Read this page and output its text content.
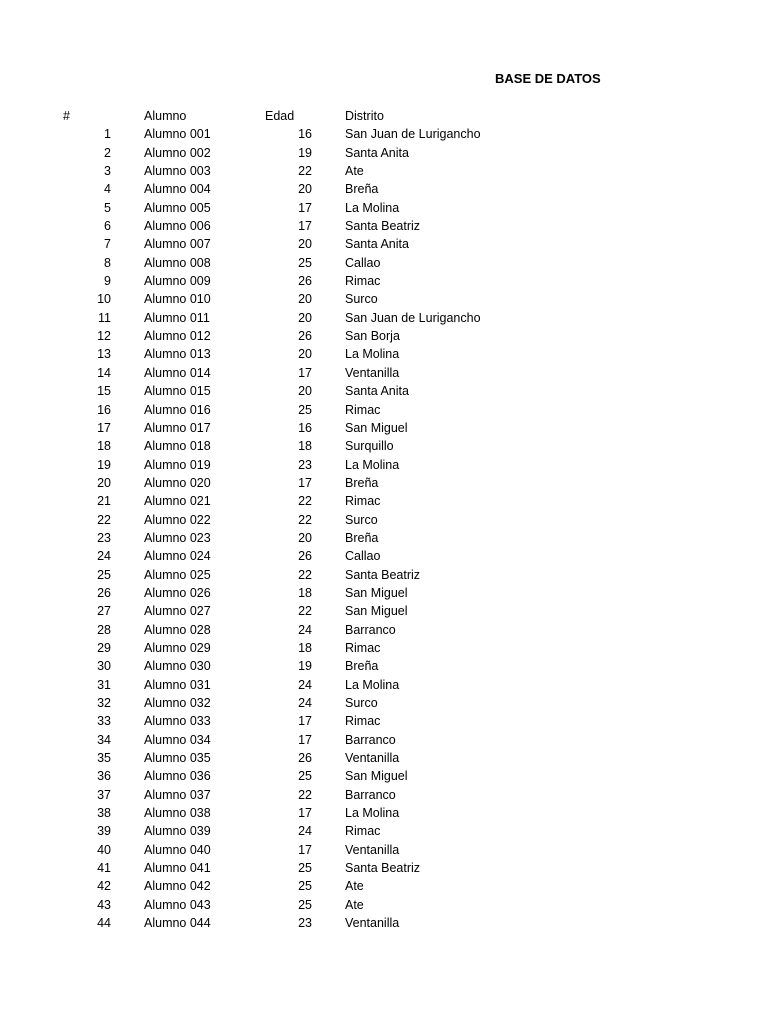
BASE DE DATOS
#		Alumno	Edad		Distrito
1		Alumno 001	16		San Juan de Lurigancho
2		Alumno 002	19		Santa Anita
3		Alumno 003	22		Ate
4		Alumno 004	20		Breña
5		Alumno 005	17		La Molina
6		Alumno 006	17		Santa Beatriz
7		Alumno 007	20		Santa Anita
8		Alumno 008	25		Callao
9		Alumno 009	26		Rimac
10		Alumno 010	20		Surco
11		Alumno 011	20		San Juan de Lurigancho
12		Alumno 012	26		San Borja
13		Alumno 013	20		La Molina
14		Alumno 014	17		Ventanilla
15		Alumno 015	20		Santa Anita
16		Alumno 016	25		Rimac
17		Alumno 017	16		San Miguel
18		Alumno 018	18		Surquillo
19		Alumno 019	23		La Molina
20		Alumno 020	17		Breña
21		Alumno 021	22		Rimac
22		Alumno 022	22		Surco
23		Alumno 023	20		Breña
24		Alumno 024	26		Callao
25		Alumno 025	22		Santa Beatriz
26		Alumno 026	18		San Miguel
27		Alumno 027	22		San Miguel
28		Alumno 028	24		Barranco
29		Alumno 029	18		Rimac
30		Alumno 030	19		Breña
31		Alumno 031	24		La Molina
32		Alumno 032	24		Surco
33		Alumno 033	17		Rimac
34		Alumno 034	17		Barranco
35		Alumno 035	26		Ventanilla
36		Alumno 036	25		San Miguel
37		Alumno 037	22		Barranco
38		Alumno 038	17		La Molina
39		Alumno 039	24		Rimac
40		Alumno 040	17		Ventanilla
41		Alumno 041	25		Santa Beatriz
42		Alumno 042	25		Ate
43		Alumno 043	25		Ate
44		Alumno 044	23		Ventanilla
